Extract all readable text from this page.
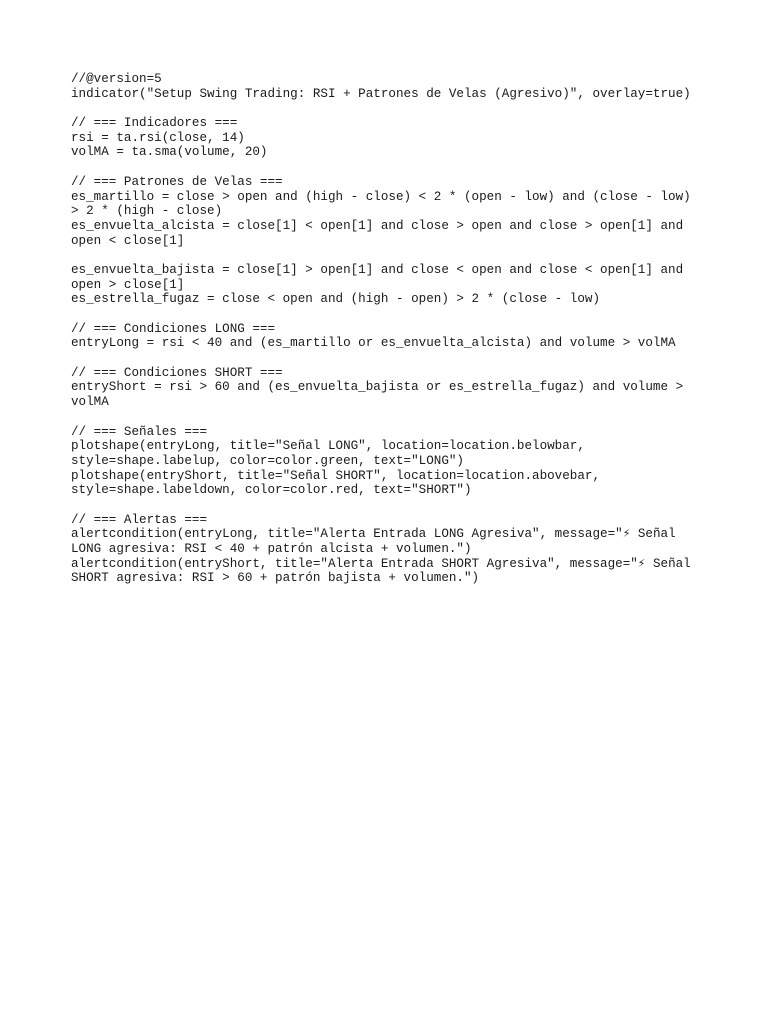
//@version=5
indicator("Setup Swing Trading: RSI + Patrones de Velas (Agresivo)", overlay=true)
// === Indicadores ===
rsi = ta.rsi(close, 14)
volMA = ta.sma(volume, 20)
// === Patrones de Velas ===
es_martillo = close > open and (high - close) < 2 * (open - low) and (close - low)
> 2 * (high - close)
es_envuelta_alcista = close[1] < open[1] and close > open and close > open[1] and
open < close[1]
es_envuelta_bajista = close[1] > open[1] and close < open and close < open[1] and
open > close[1]
es_estrella_fugaz = close < open and (high - open) > 2 * (close - low)
// === Condiciones LONG ===
entryLong = rsi < 40 and (es_martillo or es_envuelta_alcista) and volume > volMA
// === Condiciones SHORT ===
entryShort = rsi > 60 and (es_envuelta_bajista or es_estrella_fugaz) and volume >
volMA
// === Señales ===
plotshape(entryLong, title="Señal LONG", location=location.belowbar,
style=shape.labelup, color=color.green, text="LONG")
plotshape(entryShort, title="Señal SHORT", location=location.abovebar,
style=shape.labeldown, color=color.red, text="SHORT")
// === Alertas ===
alertcondition(entryLong, title="Alerta Entrada LONG Agresiva", message="⚡ Señal
LONG agresiva: RSI < 40 + patrón alcista + volumen.")
alertcondition(entryShort, title="Alerta Entrada SHORT Agresiva", message="⚡ Señal
SHORT agresiva: RSI > 60 + patrón bajista + volumen.")
